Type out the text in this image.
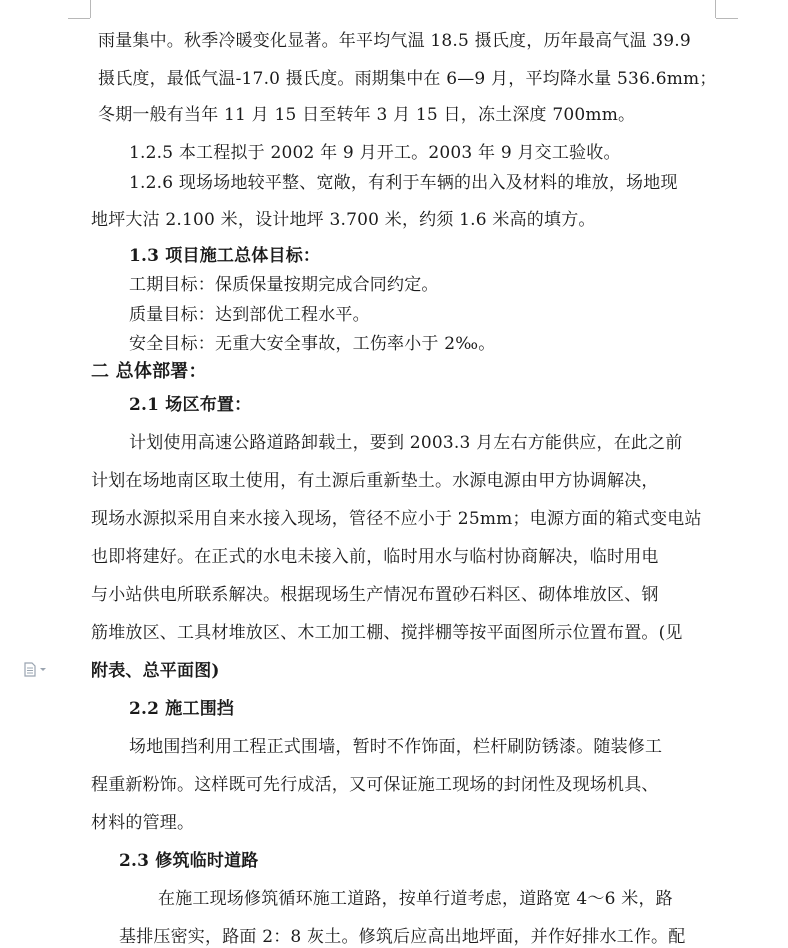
雨量集中。秋季冷暖变化显著。年平均气温 18.5 摄氏度，历年最高气温 39.9
摄氏度，最低气温-17.0 摄氏度。雨期集中在 6—9 月，平均降水量 536.6mm；
冬期一般有当年 11 月 15 日至转年 3 月 15 日，冻土深度 700mm。
1.2.5 本工程拟于 2002 年 9 月开工。2003 年 9 月交工验收。
1.2.6 现场场地较平整、宽敞，有利于车辆的出入及材料的堆放，场地现
地坪大沽 2.100 米，设计地坪 3.700 米，约须 1.6 米高的填方。
1.3 项目施工总体目标：
工期目标：保质保量按期完成合同约定。
质量目标：达到部优工程水平。
安全目标：无重大安全事故，工伤率小于 2‰。
二 总体部署：
2.1 场区布置：
计划使用高速公路道路卸载土，要到 2003.3 月左右方能供应，在此之前
计划在场地南区取土使用，有土源后重新垫土。水源电源由甲方协调解决，
现场水源拟采用自来水接入现场，管径不应小于 25mm；电源方面的箱式变电站
也即将建好。在正式的水电未接入前，临时用水与临村协商解决，临时用电
与小站供电所联系解决。根据现场生产情况布置砂石料区、砌体堆放区、钢
筋堆放区、工具材堆放区、木工加工棚、搅拌棚等按平面图所示位置布置。(见
附表、总平面图)
2.2 施工围挡
场地围挡利用工程正式围墙，暂时不作饰面，栏杆刷防锈漆。随装修工
程重新粉饰。这样既可先行成活，又可保证施工现场的封闭性及现场机具、
材料的管理。
2.3 修筑临时道路
在施工现场修筑循环施工道路，按单行道考虑，道路宽 4～6 米，路
基排压密实，路面 2：8 灰土。修筑后应高出地坪面，并作好排水工作。配
